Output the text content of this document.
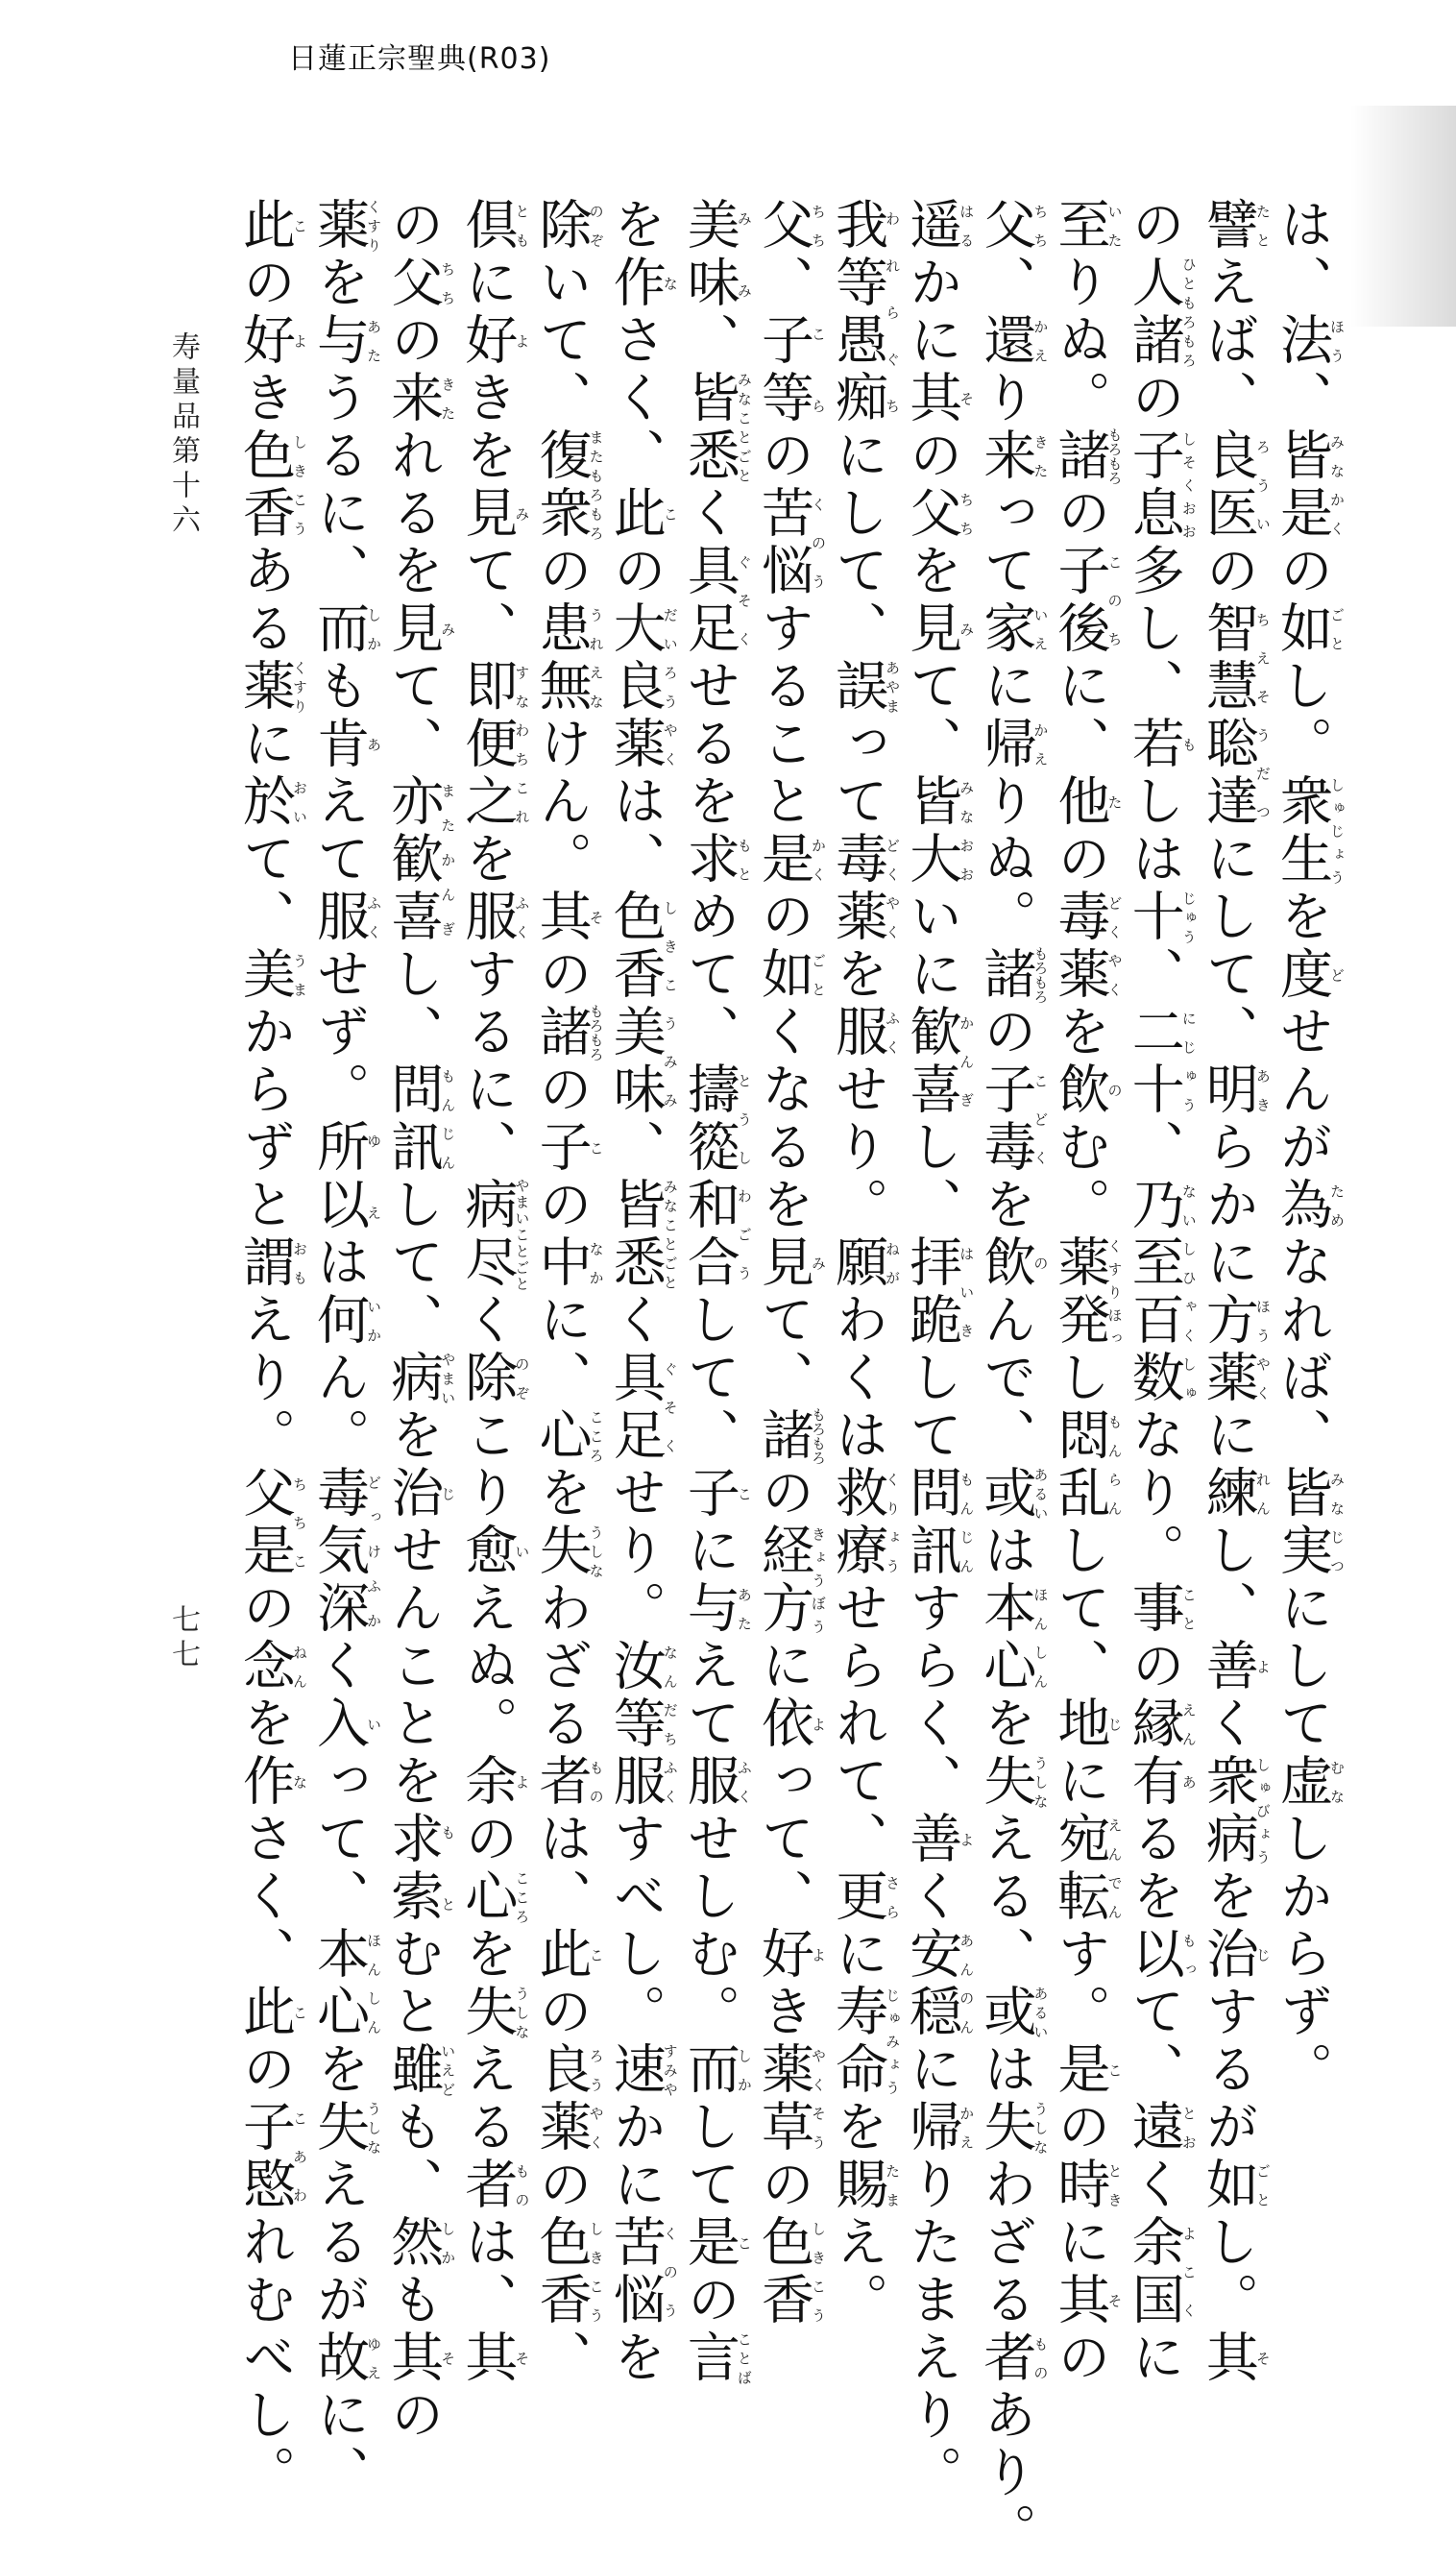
日蓮正宗聖典(R03)
は、法ほう、皆是みなかくの如ごとし。衆生しゅじょうを度どせんが為ためなれば、皆実みなじつにして虚むなしからず。
譬たとえば、良医ろういの智慧聡達ちえそうだつにして、明あきらかに方薬ほうやくに練れんし、善よく衆病しゅびょうを治じするが如ごとし。其そ
の人諸ひともろもろの子息しそくおお多し、若もしは十じゅう、二十にじゅう、乃至百数ないしひゃくしゅなり。事ことの縁えん有あるを以もって、遠とおく余国よこくに
至いたりぬ。諸もろもろの子後このちに、他たの毒薬どくやくを飲のむ。薬発くすりほっし悶乱もんらんして、地じに宛転えんでんす。是この時ときに其その
父ちち、還かえり来きたって家いえに帰かえりぬ。諸もろもろの子毒こどくを飲のんで、或あるいは本心ほんしんを失うしなえる、或あるいは失うしなわざる者ものあり。
遥はるかに其その父ちちを見みて、皆大みなおおいに歓喜かんぎし、拝跪はいきして問訊もんじんすらく、善よく安穏あんのんに帰かえりたまえり。
我等愚痴われらぐちにして、誤あやまって毒薬どくやくを服ふくせり。願ねがわくは救療くりょうせられて、更さらに寿命じゅみょうを賜たまえ。
父ちち、子等こらの苦悩くのうすること是かくの如ごとくなるを見みて、諸もろもろの経方きょうぼうに依よって、好よき薬草やくそうの色香しきこう
美味みみ、皆悉みなことごとく具足ぐそくせるを求もとめて、擣篵和合とうしわごうして、子こに与あたえて服ふくせしむ。而しかして是この言ことば
を作なさく、此この大良薬だいろうやくは、色香美味しきこうみみ、皆悉みなことごとく具足ぐそくせり。汝等服なんだちふくすべし。速すみやかに苦悩くのうを
除のぞいて、復衆またもろもろの患無うれえなけん。其その諸もろもろの子この中なかに、心こころを失うしなわざる者ものは、此この良薬ろうやくの色香しきこう、
倶ともに好よきを見みて、即便之すなわちこれを服ふくするに、病尽やまいことごとく除のぞこり愈いえぬ。余よの心こころを失うしなえる者ものは、其そ
の父ちちの来きたれるを見みて、亦歓喜またかんぎし、問訊もんじんして、病やまいを治じせんことを求索もとむと雖いえども、然しかも其その
薬くすりを与あたうるに、而しかも肯あえて服ふくせず。所以ゆえは何いかん。毒気深どっけふかく入いって、本心ほんしんを失うしなえるが故ゆえに、
此この好よき色香しきこうある薬くすりに於おいて、美うまからずと謂おもえり。父是ちちこの念ねんを作なさく、此この子愍こあわれむべし。
寿量品第十六
七七
